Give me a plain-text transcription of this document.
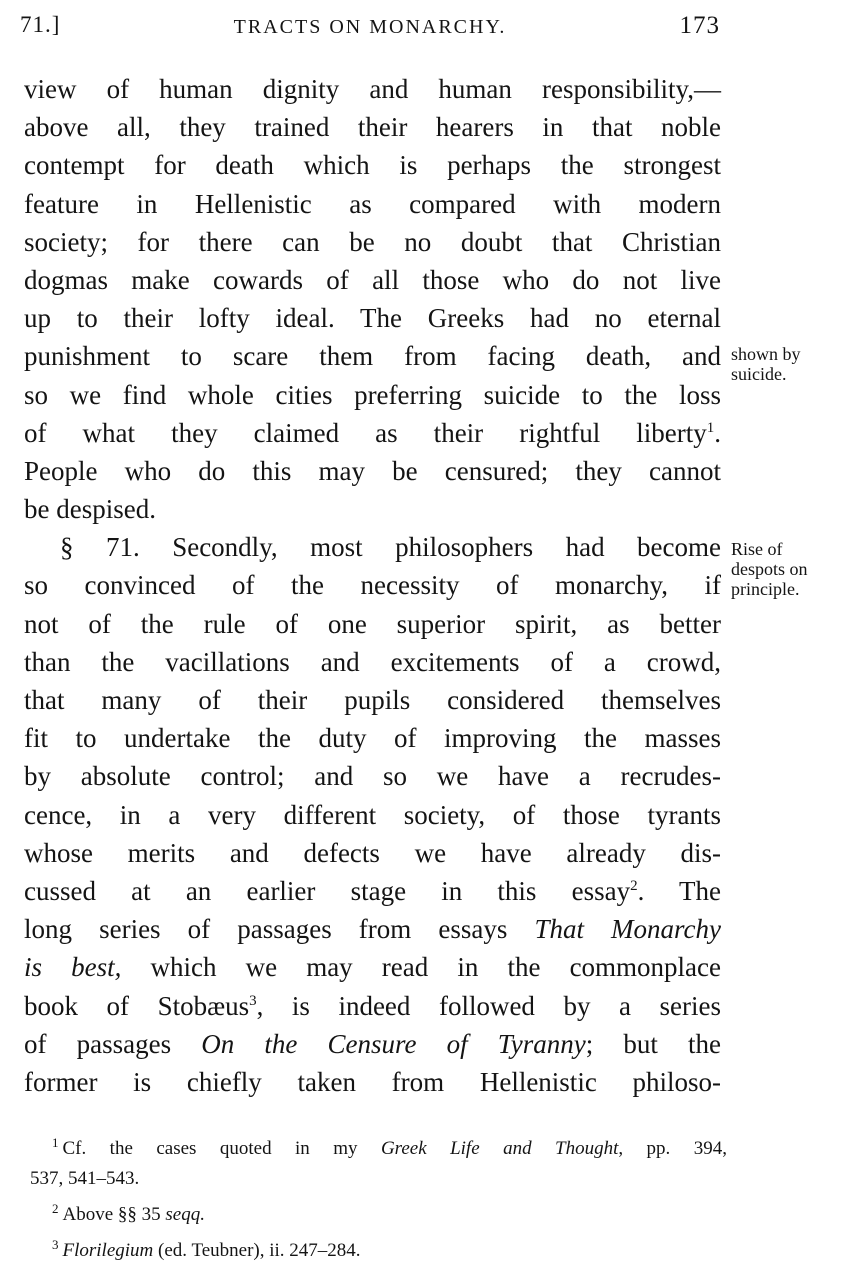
71.]	TRACTS ON MONARCHY.	173
view of human dignity and human responsibility,—
above all, they trained their hearers in that noble
contempt for death which is perhaps the strongest
feature in Hellenistic as compared with modern
society; for there can be no doubt that Christian
dogmas make cowards of all those who do not live
up to their lofty ideal. The Greeks had no eternal
punishment to scare them from facing death, and
so we find whole cities preferring suicide to the loss
of what they claimed as their rightful liberty$^1$.
People who do this may be censured; they cannot
be despised.
§ 71. Secondly, most philosophers had become
so convinced of the necessity of monarchy, if
not of the rule of one superior spirit, as better
than the vacillations and excitements of a crowd,
that many of their pupils considered themselves
fit to undertake the duty of improving the masses
by absolute control; and so we have a recrudes-
cence, in a very different society, of those tyrants
whose merits and defects we have already dis-
cussed at an earlier stage in this essay$^2$. The
long series of passages from essays That Monarchy
is best, which we may read in the commonplace
book of Stobæus$^3$, is indeed followed by a series
of passages On the Censure of Tyranny; but the
former is chiefly taken from Hellenistic philoso-
shown by
suicide.
Rise of
despots on
principle.
$^1$ Cf. the cases quoted in my Greek Life and Thought, pp. 394,
537, 541–543.
$^2$ Above §§ 35 seqq.
$^3$ Florilegium (ed. Teubner), ii. 247–284.
